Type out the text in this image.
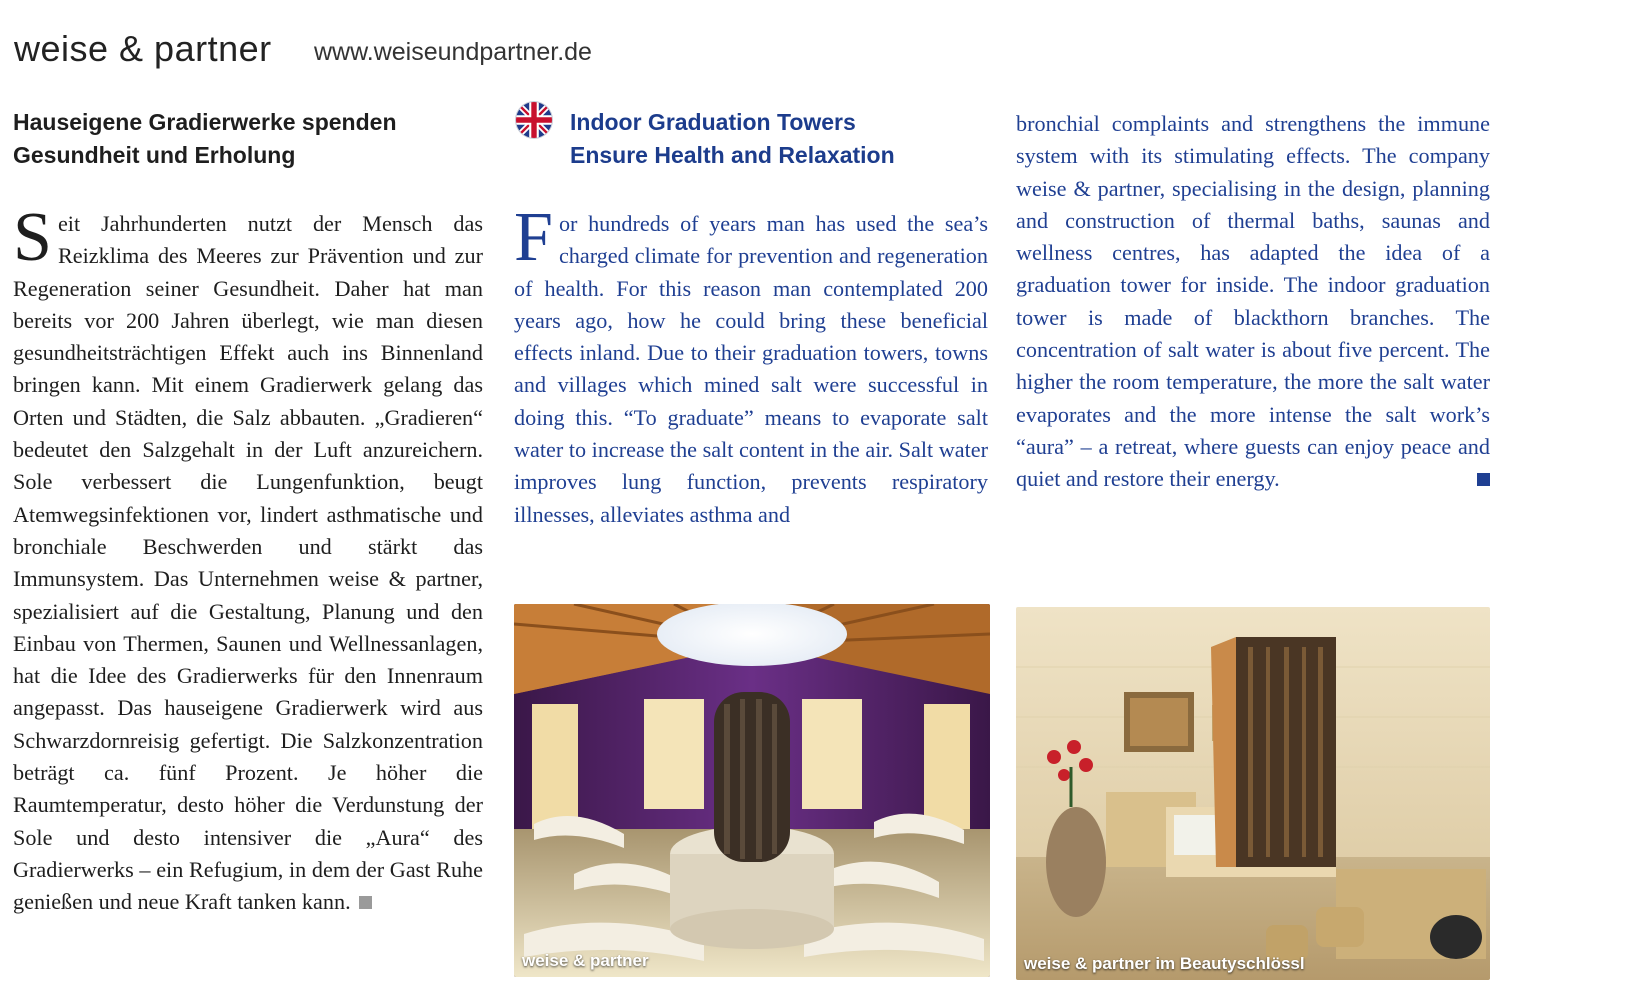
weise & partner www.weiseundpartner.de
Hauseigene Gradierwerke spenden
Gesundheit und Erholung

Seit Jahrhunderten nutzt der Mensch das Reizklima des Meeres zur Prävention und zur Regeneration seiner Gesundheit. Daher hat man bereits vor 200 Jahren überlegt, wie man diesen gesundheitsträchtigen Effekt auch ins Binnenland bringen kann. Mit einem Gradierwerk gelang das Orten und Städten, die Salz abbauten. „Gradieren“ bedeutet den Salzgehalt in der Luft anzureichern. Sole verbessert die Lungenfunktion, beugt Atemwegsinfektionen vor, lindert asthmatische und bronchiale Beschwerden und stärkt das Immunsystem. Das Unternehmen weise & partner, spezialisiert auf die Gestaltung, Planung und den Einbau von Thermen, Saunen und Wellnessanlagen, hat die Idee des Gradierwerks für den Innenraum angepasst. Das hauseigene Gradierwerk wird aus Schwarzdornreisig gefertigt. Die Salzkonzentration beträgt ca. fünf Prozent. Je höher die Raumtemperatur, desto höher die Verdunstung der Sole und desto intensiver die „Aura“ des Gradierwerks – ein Refugium, in dem der Gast Ruhe genießen und neue Kraft tanken kann.

Indoor Graduation Towers
Ensure Health and Relaxation

For hundreds of years man has used the sea’s charged climate for prevention and regeneration of health. For this reason man contemplated 200 years ago, how he could bring these beneficial effects inland. Due to their graduation towers, towns and villages which mined salt were successful in doing this. “To graduate” means to evaporate salt water to increase the salt content in the air. Salt water improves lung function, prevents respiratory illnesses, alleviates asthma and

bronchial complaints and strengthens the immune system with its stimulating effects. The company weise & partner, specialising in the design, planning and construction of thermal baths, saunas and wellness centres, has adapted the idea of a graduation tower for inside. The indoor graduation tower is made of blackthorn branches. The concentration of salt water is about five percent. The higher the room temperature, the more the salt water evaporates and the more intense the salt work’s “aura” – a retreat, where guests can enjoy peace and quiet and restore their energy.

weise & partner	weise & partner im Beautyschlössl
